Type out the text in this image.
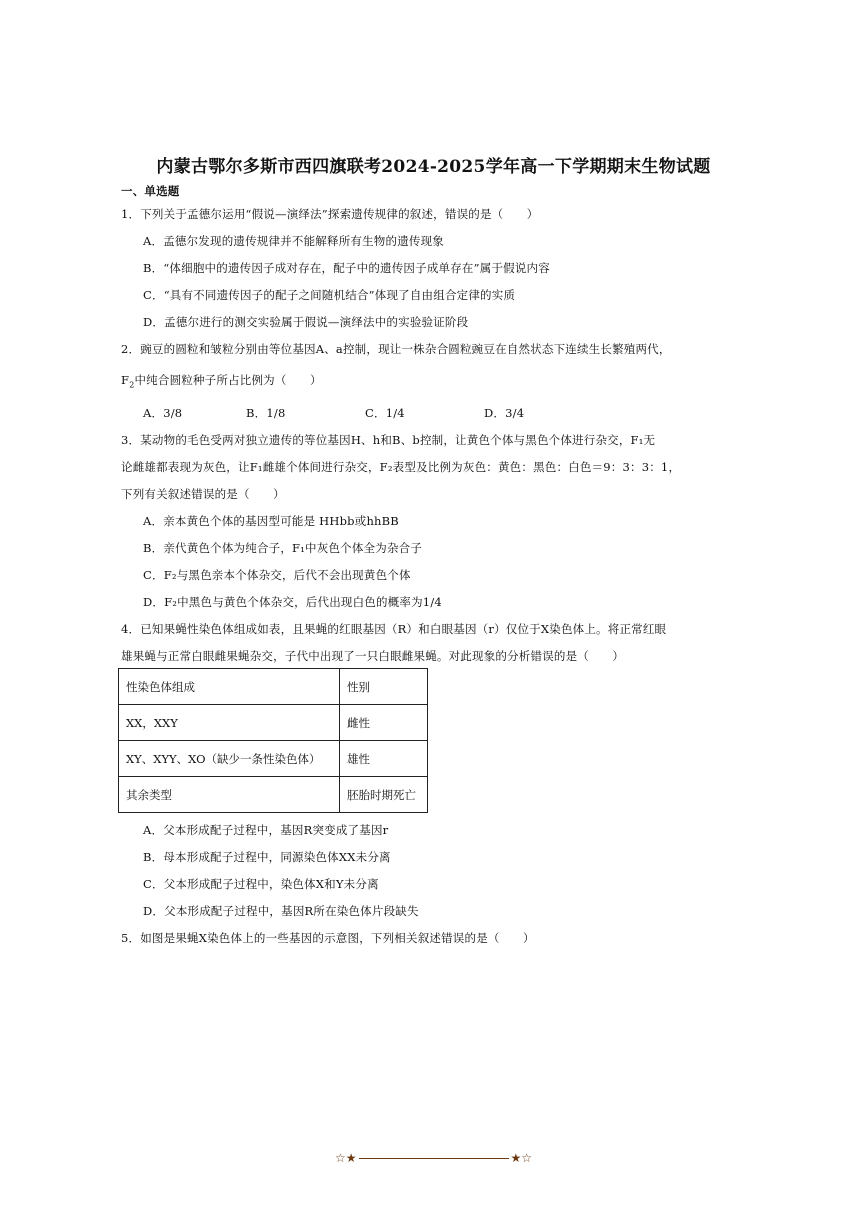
内蒙古鄂尔多斯市西四旗联考2024-2025学年高一下学期期末生物试题
一、单选题
1．下列关于孟德尔运用“假说—演绎法”探索遗传规律的叙述，错误的是（　　）
A．孟德尔发现的遗传规律并不能解释所有生物的遗传现象
B．“体细胞中的遗传因子成对存在，配子中的遗传因子成单存在”属于假说内容
C．“具有不同遗传因子的配子之间随机结合”体现了自由组合定律的实质
D．孟德尔进行的测交实验属于假说—演绎法中的实验验证阶段
2．豌豆的圆粒和皱粒分别由等位基因A、a控制，现让一株杂合圆粒豌豆在自然状态下连续生长繁殖两代，
$F_2$中纯合圆粒种子所占比例为（　　）
A．3/8	B．1/8	C．1/4	D．3/4
3．某动物的毛色受两对独立遗传的等位基因H、h和B、b控制，让黄色个体与黑色个体进行杂交，F₁无
论雌雄都表现为灰色，让F₁雌雄个体间进行杂交，F₂表型及比例为灰色：黄色：黑色：白色＝9：3：3：1，
下列有关叙述错误的是（　　）
A．亲本黄色个体的基因型可能是 HHbb或hhBB
B．亲代黄色个体为纯合子，F₁中灰色个体全为杂合子
C．F₂与黑色亲本个体杂交，后代不会出现黄色个体
D．F₂中黑色与黄色个体杂交，后代出现白色的概率为1/4
4．已知果蝇性染色体组成如表，且果蝇的红眼基因（R）和白眼基因（r）仅位于X染色体上。将正常红眼
雄果蝇与正常白眼雌果蝇杂交，子代中出现了一只白眼雌果蝇。对此现象的分析错误的是（　　）
性染色体组成	性别
XX，XXY	雌性
XY、XYY、XO（缺少一条性染色体）	雄性
其余类型	胚胎时期死亡
A．父本形成配子过程中，基因R突变成了基因r
B．母本形成配子过程中，同源染色体XX未分离
C．父本形成配子过程中，染色体X和Y未分离
D．父本形成配子过程中，基因R所在染色体片段缺失
5．如图是果蝇X染色体上的一些基因的示意图，下列相关叙述错误的是（　　）
☆★	★☆
